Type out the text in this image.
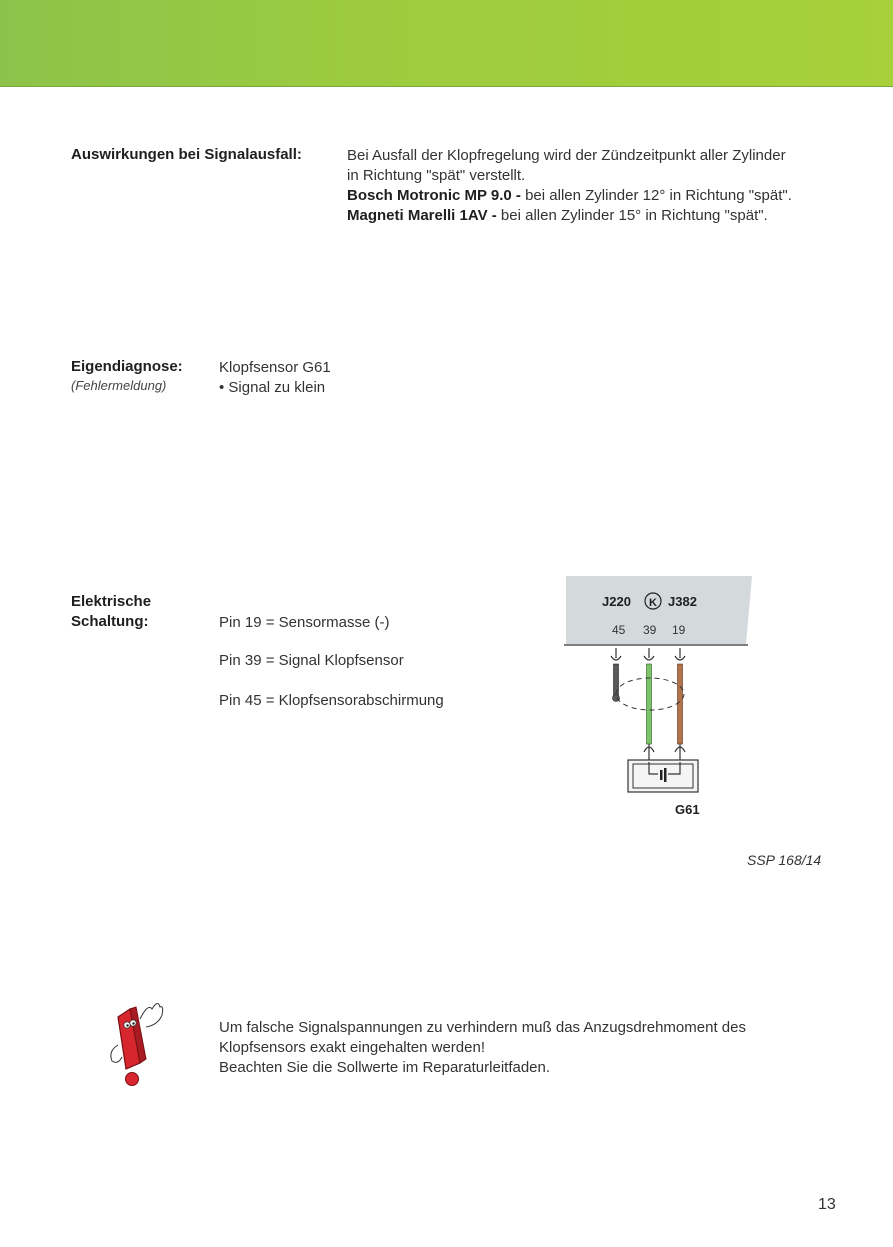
Auswirkungen bei Signalausfall:	Bei Ausfall der Klopfregelung wird der Zündzeitpunkt aller Zylinder
in Richtung "spät" verstellt.
Bosch Motronic MP 9.0 - bei allen Zylinder 12° in Richtung "spät".
Magneti Marelli 1AV - bei allen Zylinder 15° in Richtung "spät".
Eigendiagnose:
(Fehlermeldung)
Klopfsensor G61
• Signal zu klein
Elektrische
Schaltung:	Pin 19 = Sensormasse (-)
Pin 39 = Signal Klopfsensor
Pin 45 = Klopfsensorabschirmung
J220 K J382
45 39 19
G61
SSP 168/14
Um falsche Signalspannungen zu verhindern muß das Anzugsdrehmoment des
Klopfsensors exakt eingehalten werden!
Beachten Sie die Sollwerte im Reparaturleitfaden.
13
